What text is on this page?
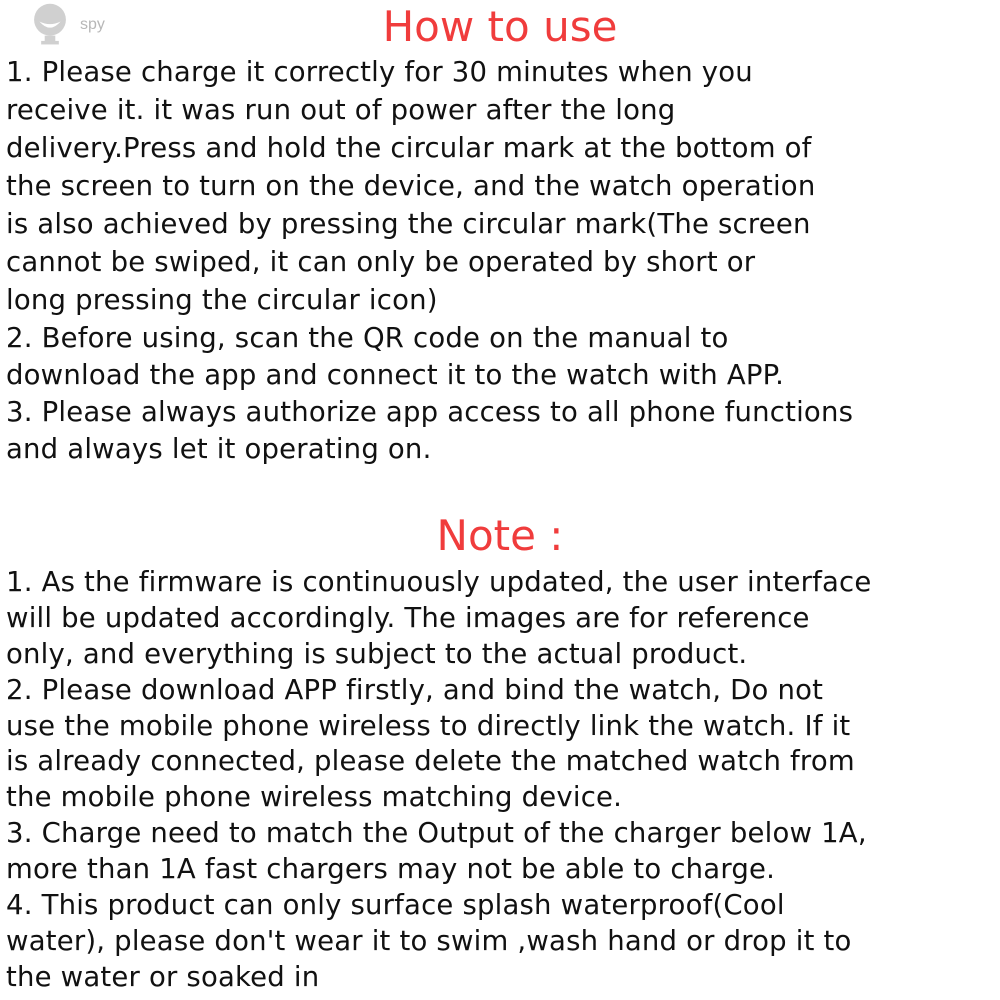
spy	How to use
1. Please charge it correctly for 30 minutes when you
receive it. it was run out of power after the long
delivery.Press and hold the circular mark at the bottom of
the screen to turn on the device, and the watch operation
is also achieved by pressing the circular mark(The screen
cannot be swiped, it can only be operated by short or
long pressing the circular icon)
2. Before using, scan the QR code on the manual to
download the app and connect it to the watch with APP.
3. Please always authorize app access to all phone functions
and always let it operating on.
Note :
1. As the firmware is continuously updated, the user interface
will be updated accordingly. The images are for reference
only, and everything is subject to the actual product.
2. Please download APP firstly, and bind the watch, Do not
use the mobile phone wireless to directly link the watch. If it
is already connected, please delete the matched watch from
the mobile phone wireless matching device.
3. Charge need to match the Output of the charger below 1A,
more than 1A fast chargers may not be able to charge.
4. This product can only surface splash waterproof(Cool
water), please don't wear it to swim ,wash hand or drop it to
the water or soaked in
